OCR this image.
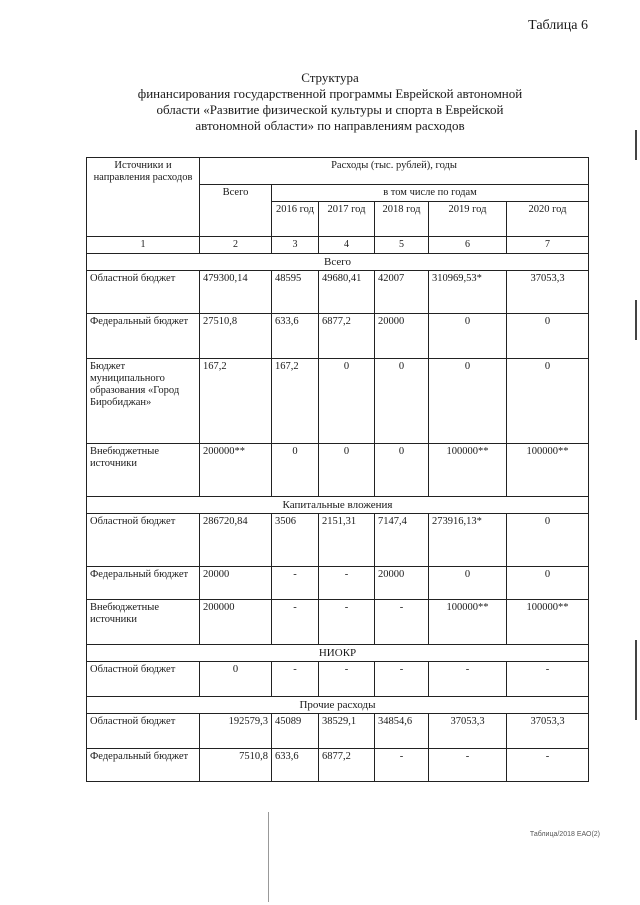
Таблица 6
Структура
финансирования государственной программы Еврейской автономной
области «Развитие физической культуры и спорта в Еврейской
автономной области» по направлениям расходов
Источники и направления расходов	Расходы (тыс. рублей), годы					
	Всего	в том числе по годам				
		2016 год	2017 год	2018 год	2019 год	2020 год
1	2	3	4	5	6	7
Всего						
Областной бюджет	479300,14	48595	49680,41	42007	310969,53*	37053,3
Федеральный бюджет	27510,8	633,6	6877,2	20000	0	0
Бюджет муниципального образования «Город Биробиджан»	167,2	167,2	0	0	0	0
Внебюджетные источники	200000**	0	0	0	100000**	100000**
Капитальные вложения						
Областной бюджет	286720,84	3506	2151,31	7147,4	273916,13*	0
Федеральный бюджет	20000	-	-	20000	0	0
Внебюджетные источники	200000	-	-	-	100000**	100000**
НИОКР						
Областной бюджет	0	-	-	-	-	-
Прочие расходы						
Областной бюджет	192579,3	45089	38529,1	34854,6	37053,3	37053,3
Федеральный бюджет	7510,8	633,6	6877,2	-	-	-
Таблица/2018 ЕАО(2)
